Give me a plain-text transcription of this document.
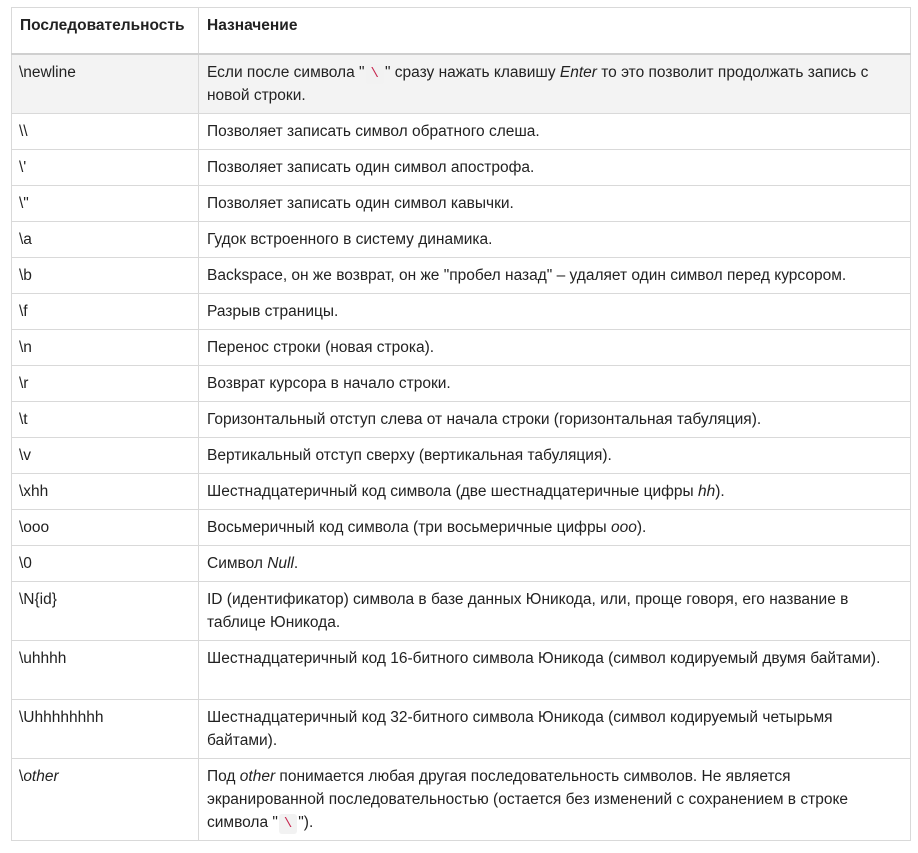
Последовательность	Назначение
\newline	Если после символа " \ " сразу нажать клавишу Enter то это позволит продолжать запись с новой строки.
\\	Позволяет записать символ обратного слеша.
\'	Позволяет записать один символ апострофа.
\"	Позволяет записать один символ кавычки.
\a	Гудок встроенного в систему динамика.
\b	Backspace, он же возврат, он же "пробел назад" – удаляет один символ перед курсором.
\f	Разрыв страницы.
\n	Перенос строки (новая строка).
\r	Возврат курсора в начало строки.
\t	Горизонтальный отступ слева от начала строки (горизонтальная табуляция).
\v	Вертикальный отступ сверху (вертикальная табуляция).
\xhh	Шестнадцатеричный код символа (две шестнадцатеричные цифры hh).
\ooo	Восьмеричный код символа (три восьмеричные цифры ooo).
\0	Символ Null.
\N{id}	ID (идентификатор) символа в базе данных Юникода, или, проще говоря, его название в таблице Юникода.
\uhhhh	Шестнадцатеричный код 16-битного символа Юникода (символ кодируемый двумя байтами).
\Uhhhhhhhh	Шестнадцатеричный код 32-битного символа Юникода (символ кодируемый четырьмя байтами).
\other	Под other понимается любая другая последовательность символов. Не является экранированной последовательностью (остается без изменений с сохранением в строке символа " \ ").
